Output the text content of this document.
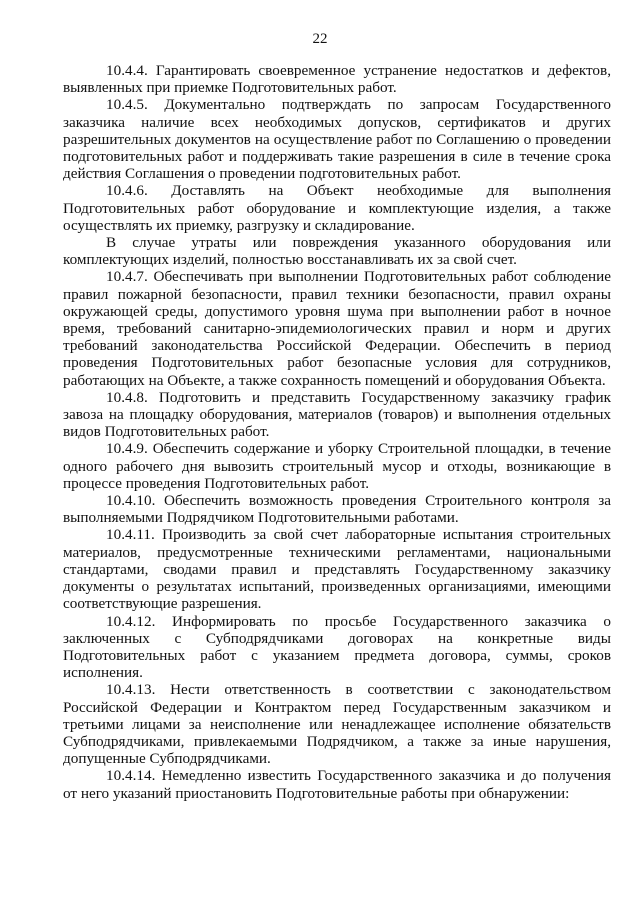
22

10.4.4. Гарантировать своевременное устранение недостатков и дефектов, выявленных при приемке Подготовительных работ.

10.4.5. Документально подтверждать по запросам Государственного заказчика наличие всех необходимых допусков, сертификатов и других разрешительных документов на осуществление работ по Соглашению о проведении подготовительных работ и поддерживать такие разрешения в силе в течение срока действия Соглашения о проведении подготовительных работ.

10.4.6. Доставлять на Объект необходимые для выполнения Подготовительных работ оборудование и комплектующие изделия, а также осуществлять их приемку, разгрузку и складирование.

В случае утраты или повреждения указанного оборудования или комплектующих изделий, полностью восстанавливать их за свой счет.

10.4.7. Обеспечивать при выполнении Подготовительных работ соблюдение правил пожарной безопасности, правил техники безопасности, правил охраны окружающей среды, допустимого уровня шума при выполнении работ в ночное время, требований санитарно-эпидемиологических правил и норм и других требований законодательства Российской Федерации. Обеспечить в период проведения Подготовительных работ безопасные условия для сотрудников, работающих на Объекте, а также сохранность помещений и оборудования Объекта.

10.4.8. Подготовить и представить Государственному заказчику график завоза на площадку оборудования, материалов (товаров) и выполнения отдельных видов Подготовительных работ.

10.4.9. Обеспечить содержание и уборку Строительной площадки, в течение одного рабочего дня вывозить строительный мусор и отходы, возникающие в процессе проведения Подготовительных работ.

10.4.10. Обеспечить возможность проведения Строительного контроля за выполняемыми Подрядчиком Подготовительными работами.

10.4.11. Производить за свой счет лабораторные испытания строительных материалов, предусмотренные техническими регламентами, национальными стандартами, сводами правил и представлять Государственному заказчику документы о результатах испытаний, произведенных организациями, имеющими соответствующие разрешения.

10.4.12. Информировать по просьбе Государственного заказчика о заключенных с Субподрядчиками договорах на конкретные виды Подготовительных работ с указанием предмета договора, суммы, сроков исполнения.

10.4.13. Нести ответственность в соответствии с законодательством Российской Федерации и Контрактом перед Государственным заказчиком и третьими лицами за неисполнение или ненадлежащее исполнение обязательств Субподрядчиками, привлекаемыми Подрядчиком, а также за иные нарушения, допущенные Субподрядчиками.

10.4.14. Немедленно известить Государственного заказчика и до получения от него указаний приостановить Подготовительные работы при обнаружении:
